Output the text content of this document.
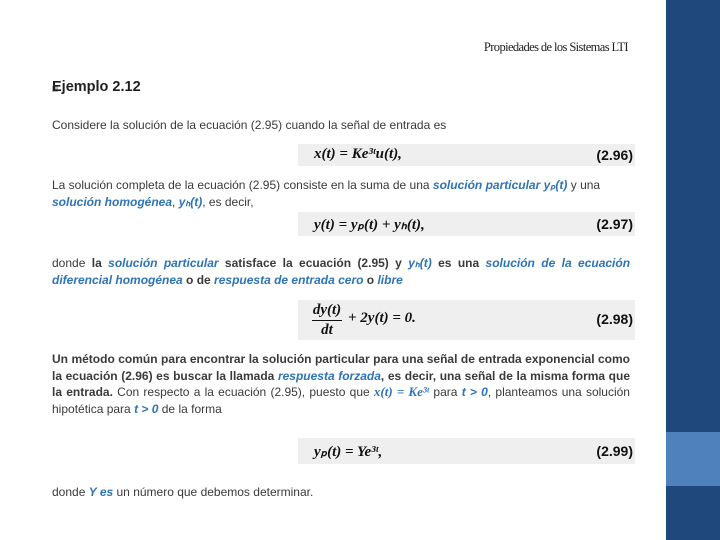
Propiedades de los Sistemas LTI
Ejemplo 2.12

Considere la solución de la ecuación (2.95) cuando la señal de entrada es

x(t) = Ke³ᵗu(t),	(2.96)

La solución completa de la ecuación (2.95) consiste en la suma de una solución particular yₚ(t) y una solución homogénea, yₕ(t), es decir,

y(t) = yₚ(t) + yₕ(t),	(2.97)

donde la solución particular satisface la ecuación (2.95) y yₕ(t) es una solución de la ecuación diferencial homogénea o de respuesta de entrada cero o libre

$\frac{dy(t)}{dt} + 2y(t) = 0$.	(2.98)

Un método común para encontrar la solución particular para una señal de entrada exponencial como la ecuación (2.96) es buscar la llamada respuesta forzada, es decir, una señal de la misma forma que la entrada. Con respecto a la ecuación (2.95), puesto que x(t) = Ke³ᵗ para t > 0, planteamos una solución hipotética para t > 0 de la forma

yₚ(t) = Ye³ᵗ,	(2.99)

donde Y es un número que debemos determinar.
